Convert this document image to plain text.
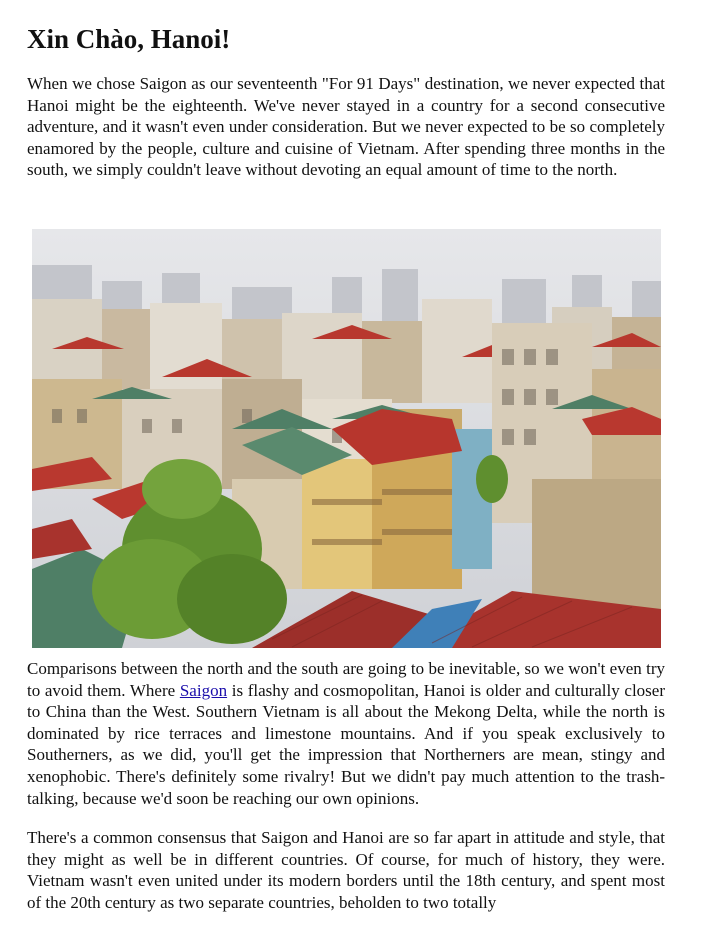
Xin Chào, Hanoi!

When we chose Saigon as our seventeenth "For 91 Days" destination, we never expected that Hanoi might be the eighteenth. We've never stayed in a country for a second consecutive adventure, and it wasn't even under consideration. But we never expected to be so completely enamored by the people, culture and cuisine of Vietnam. After spending three months in the south, we simply couldn't leave without devoting an equal amount of time to the north.

Comparisons between the north and the south are going to be inevitable, so we won't even try to avoid them. Where Saigon is flashy and cosmopolitan, Hanoi is older and culturally closer to China than the West. Southern Vietnam is all about the Mekong Delta, while the north is dominated by rice terraces and limestone mountains. And if you speak exclusively to Southerners, as we did, you'll get the impression that Northerners are mean, stingy and xenophobic. There's definitely some rivalry! But we didn't pay much attention to the trash-talking, because we'd soon be reaching our own opinions.

There's a common consensus that Saigon and Hanoi are so far apart in attitude and style, that they might as well be in different countries. Of course, for much of history, they were. Vietnam wasn't even united under its modern borders until the 18th century, and spent most of the 20th century as two separate countries, beholden to two totally
